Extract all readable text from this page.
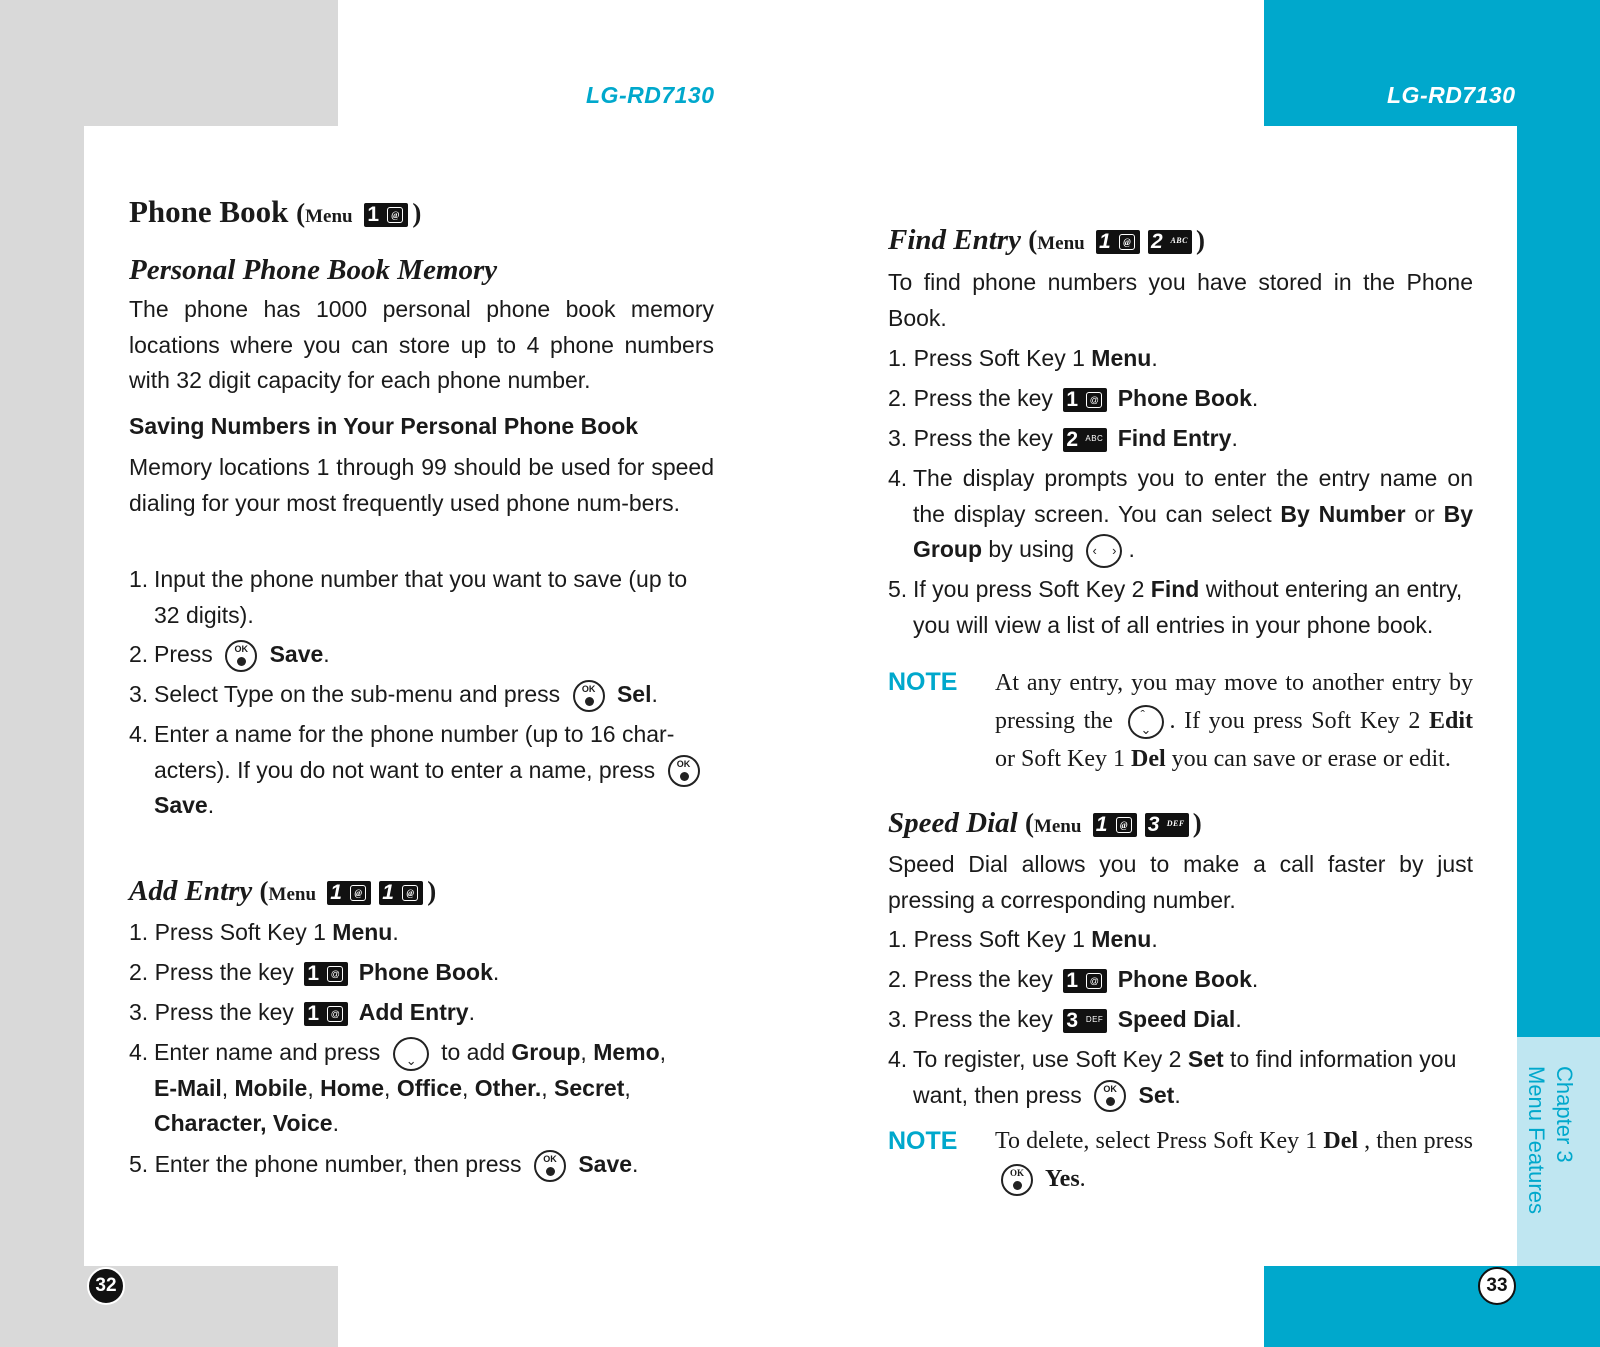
LG-RD7130	LG-RD7130
Chapter 3
Menu Features
32	33
Phone Book (Menu 1	@ )
Personal Phone Book Memory
The phone has 1000 personal phone book memory locations where you can store up to 4 phone numbers with 32 digit capacity for each phone number.
Saving Numbers in Your Personal Phone Book
Memory locations 1 through 99 should be used for speed dialing for your most frequently used phone num-bers.
1. Input the phone number that you want to save (up to 32 digits).
2. Press	OK Save.
3. Select Type on the sub-menu and press	OK Sel.
4. Enter a name for the phone number (up to 16 char-acters). If you do not want to enter a name, press	OK

Save.
Add Entry (Menu 1	@ 1	@ )
1. Press Soft Key 1 Menu.
2. Press the key 1	@ Phone Book.
3. Press the key 1	@ Add Entry.
4. Enter name and press ⌄ to add Group, Memo,
E-Mail, Mobile, Home, Office, Other., Secret,
Character, Voice.
5. Enter the phone number, then press	OK Save.
Find Entry (Menu 1	@ 2 ABC )
To find phone numbers you have stored in the Phone Book.
1. Press Soft Key 1 Menu.
2. Press the key 1	@ Phone Book.
3. Press the key 2 ABC Find Entry.
4. The display prompts you to enter the entry name on the display screen. You can select By Number or By Group by using ‹ › .
5. If you press Soft Key 2 Find without entering an entry, you will view a list of all entries in your phone book.
NOTE At any entry, you may move to another entry by pressing the ˆ
⌄ . If you press Soft Key 2 Edit or Soft Key 1 Del you can save or erase or edit.
Speed Dial (Menu 1	@ 3 DEF )
Speed Dial allows you to make a call faster by just pressing a corresponding number.
1. Press Soft Key 1 Menu.
2. Press the key 1	@ Phone Book.
3. Press the key 3 DEF Speed Dial.
4. To register, use Soft Key 2 Set to find information you want, then press	OK Set.
NOTE To delete, select Press Soft Key 1 Del , then press
OK Yes.
